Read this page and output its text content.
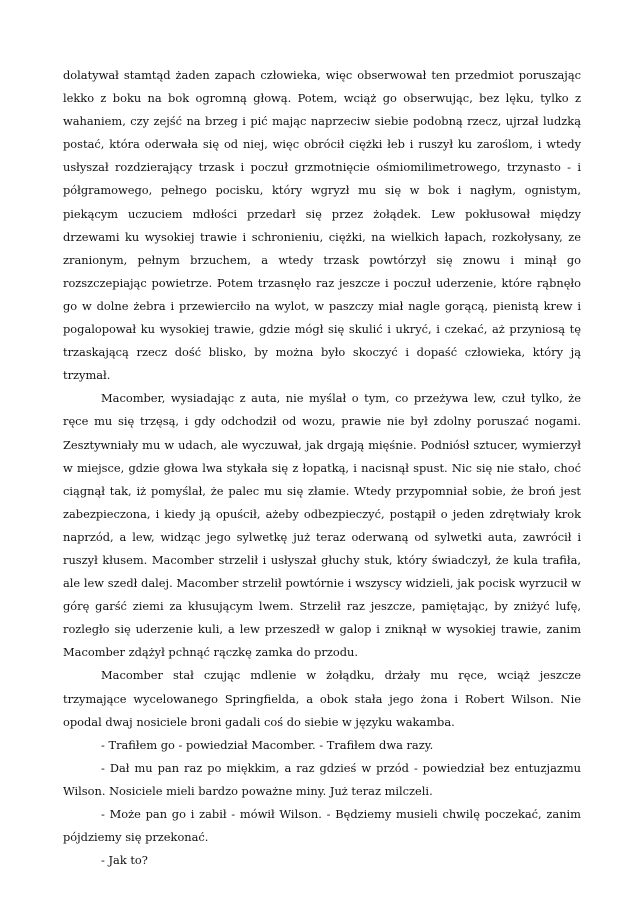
dolatywał stamtąd żaden zapach człowieka, więc obserwował ten przedmiot poruszając lekko z boku na bok ogromną głową. Potem, wciąż go obserwując, bez lęku, tylko z wahaniem, czy zejść na brzeg i pić mając naprzeciw siebie podobną rzecz, ujrzał ludzką postać, która oderwała się od niej, więc obrócił ciężki łeb i ruszył ku zaroślom, i wtedy usłyszał rozdzierający trzask i poczuł grzmotnięcie ośmiomilimetrowego, trzynasto - i półgramowego, pełnego pocisku, który wgryzł mu się w bok i nagłym, ognistym, piekącym uczuciem mdłości przedarł się przez żołądek. Lew pokłusował między drzewami ku wysokiej trawie i schronieniu, ciężki, na wielkich łapach, rozkołysany, ze zranionym, pełnym brzuchem, a wtedy trzask powtórzył się znowu i minął go rozszczepiając powietrze. Potem trzasnęło raz jeszcze i poczuł uderzenie, które rąbnęło go w dolne żebra i przewierciło na wylot, w paszczy miał nagle gorącą, pienistą krew i pogalopował ku wysokiej trawie, gdzie mógł się skulić i ukryć, i czekać, aż przyniosą tę trzaskającą rzecz dość blisko, by można było skoczyć i dopaść człowieka, który ją trzymał.

Macomber, wysiadając z auta, nie myślał o tym, co przeżywa lew, czuł tylko, że ręce mu się trzęsą, i gdy odchodził od wozu, prawie nie był zdolny poruszać nogami. Zesztywniały mu w udach, ale wyczuwał, jak drgają mięśnie. Podniósł sztucer, wymierzył w miejsce, gdzie głowa lwa stykała się z łopatką, i nacisnął spust. Nic się nie stało, choć ciągnął tak, iż pomyślał, że palec mu się złamie. Wtedy przypomniał sobie, że broń jest zabezpieczona, i kiedy ją opuścił, ażeby odbezpieczyć, postąpił o jeden zdrętwiały krok naprzód, a lew, widząc jego sylwetkę już teraz oderwaną od sylwetki auta, zawrócił i ruszył kłusem. Macomber strzelił i usłyszał głuchy stuk, który świadczył, że kula trafiła, ale lew szedł dalej. Macomber strzelił powtórnie i wszyscy widzieli, jak pocisk wyrzucił w górę garść ziemi za kłusującym lwem. Strzelił raz jeszcze, pamiętając, by zniżyć lufę, rozległo się uderzenie kuli, a lew przeszedł w galop i zniknął w wysokiej trawie, zanim Macomber zdążył pchnąć rączkę zamka do przodu.

Macomber stał czując mdlenie w żołądku, drżały mu ręce, wciąż jeszcze trzymające wycelowanego Springfielda, a obok stała jego żona i Robert Wilson. Nie opodal dwaj nosiciele broni gadali coś do siebie w języku wakamba.

- Trafiłem go - powiedział Macomber. - Trafiłem dwa razy.

- Dał mu pan raz po miękkim, a raz gdzieś w przód - powiedział bez entuzjazmu Wilson. Nosiciele mieli bardzo poważne miny. Już teraz milczeli.

- Może pan go i zabił - mówił Wilson. - Będziemy musieli chwilę poczekać, zanim pójdziemy się przekonać.

- Jak to?
